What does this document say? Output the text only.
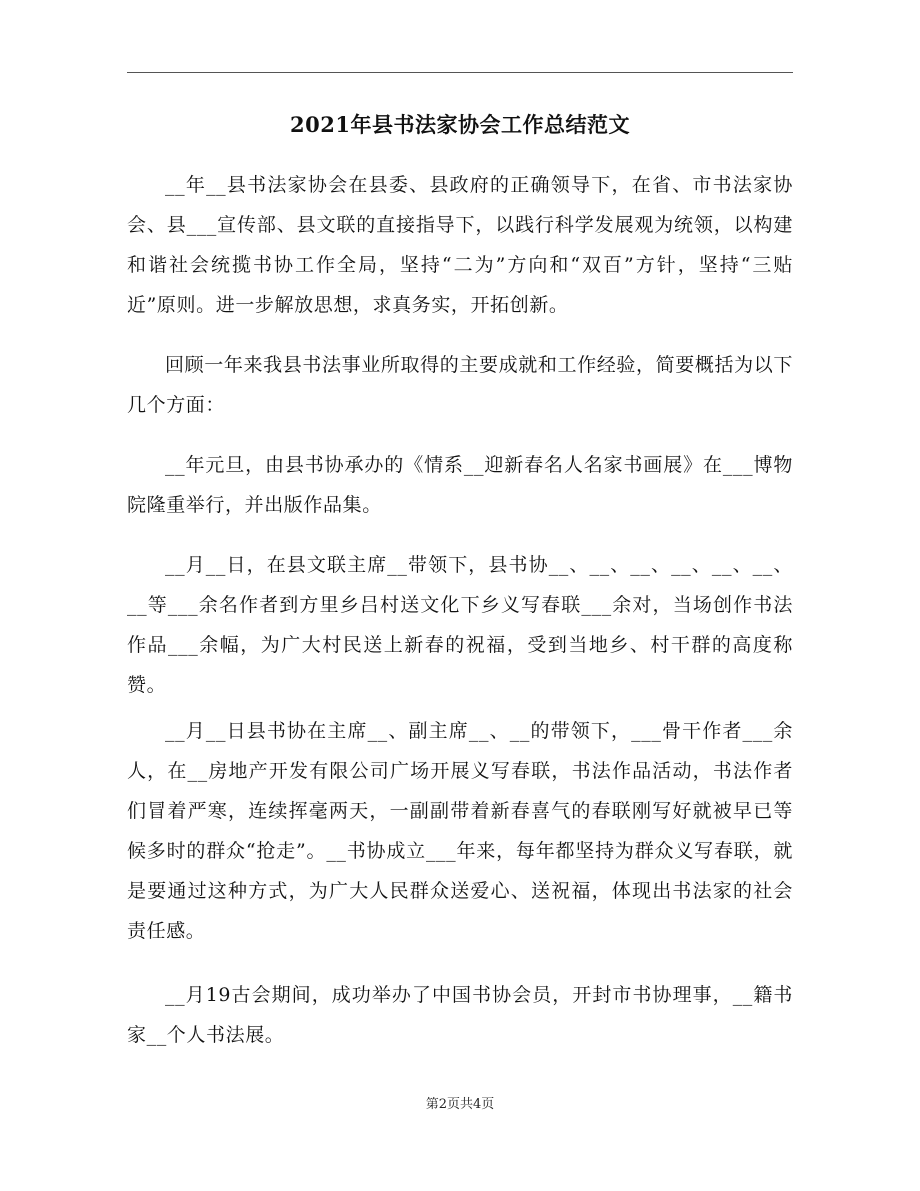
2021年县书法家协会工作总结范文

__年__县书法家协会在县委、县政府的正确领导下，在省、市书法家协会、县___宣传部、县文联的直接指导下，以践行科学发展观为统领，以构建和谐社会统揽书协工作全局，坚持“二为”方向和“双百”方针，坚持“三贴近”原则。进一步解放思想，求真务实，开拓创新。

回顾一年来我县书法事业所取得的主要成就和工作经验，简要概括为以下几个方面：

__年元旦，由县书协承办的《情系__迎新春名人名家书画展》在___博物院隆重举行，并出版作品集。

__月__日，在县文联主席__带领下，县书协__、__、__、__、__、__、__等___余名作者到方里乡吕村送文化下乡义写春联___余对，当场创作书法作品___余幅，为广大村民送上新春的祝福，受到当地乡、村干群的高度称赞。

__月__日县书协在主席__、副主席__、__的带领下，___骨干作者___余人，在__房地产开发有限公司广场开展义写春联，书法作品活动，书法作者们冒着严寒，连续挥毫两天，一副副带着新春喜气的春联刚写好就被早已等候多时的群众“抢走”。__书协成立___年来，每年都坚持为群众义写春联，就是要通过这种方式，为广大人民群众送爱心、送祝福，体现出书法家的社会责任感。

__月19古会期间，成功举办了中国书协会员，开封市书协理事，__籍书家__个人书法展。

第2页共4页
